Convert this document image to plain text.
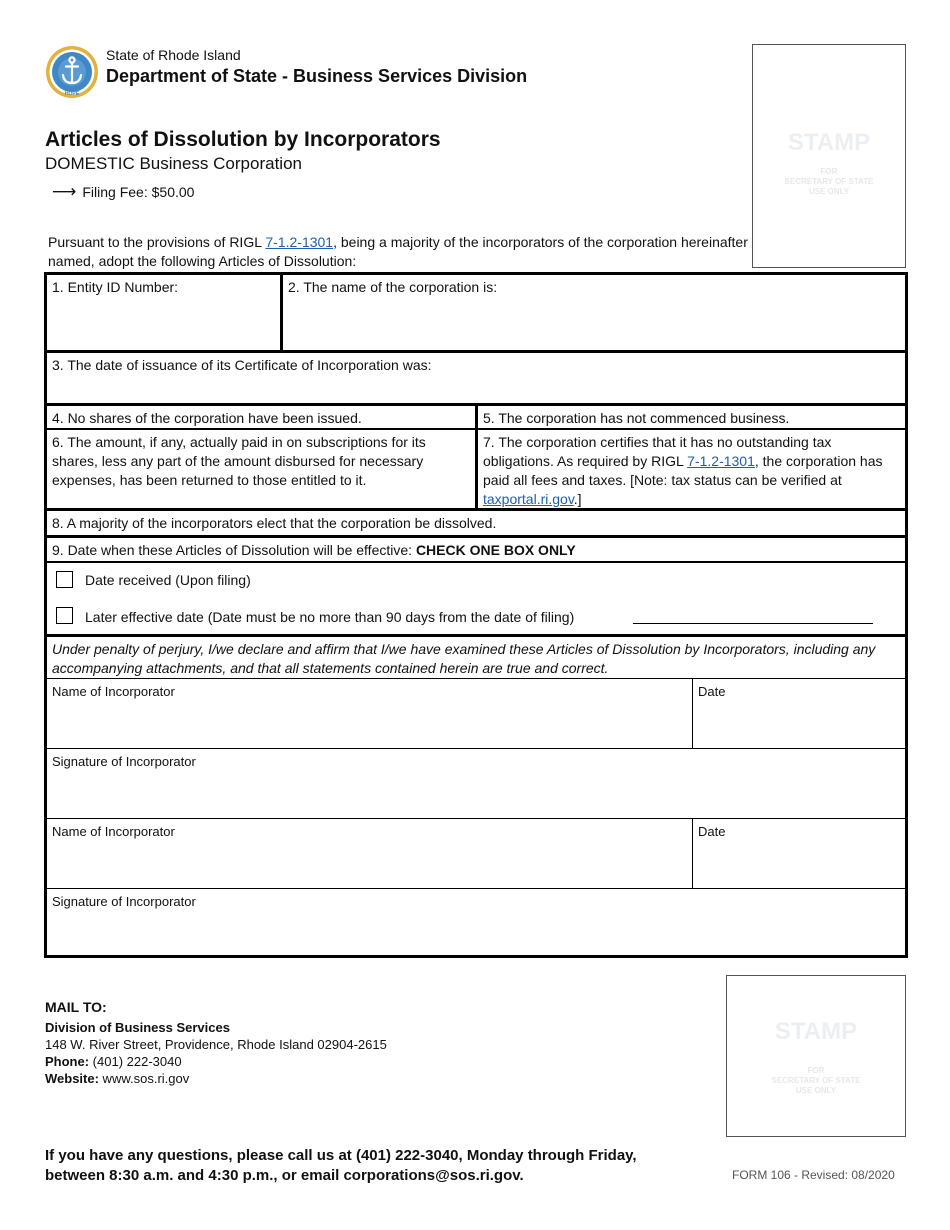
HOPE
State of Rhode Island
Department of State - Business Services Division
Articles of Dissolution by Incorporators
DOMESTIC Business Corporation
⟶ Filing Fee: $50.00
STAMP
FOR
SECRETARY OF STATE
USE ONLY
Pursuant to the provisions of RIGL 7-1.2-1301, being a majority of the incorporators of the corporation hereinafter named, adopt the following Articles of Dissolution:
1. Entity ID Number:	2. The name of the corporation is:
3. The date of issuance of its Certificate of Incorporation was:
4. No shares of the corporation have been issued.	5. The corporation has not commenced business.
6. The amount, if any, actually paid in on subscriptions for its shares, less any part of the amount disbursed for necessary expenses, has been returned to those entitled to it.
7. The corporation certifies that it has no outstanding tax obligations. As required by RIGL 7-1.2-1301, the corporation has paid all fees and taxes. [Note: tax status can be verified at taxportal.ri.gov.]
8. A majority of the incorporators elect that the corporation be dissolved.
9. Date when these Articles of Dissolution will be effective: CHECK ONE BOX ONLY
Date received (Upon filing)
Later effective date (Date must be no more than 90 days from the date of filing)
Under penalty of perjury, I/we declare and affirm that I/we have examined these Articles of Dissolution by Incorporators, including any accompanying attachments, and that all statements contained herein are true and correct.
Name of Incorporator	Date
Signature of Incorporator
Name of Incorporator	Date
Signature of Incorporator
MAIL TO:
Division of Business Services
148 W. River Street, Providence, Rhode Island 02904-2615
Phone: (401) 222-3040
Website: www.sos.ri.gov
STAMP
FOR
SECRETARY OF STATE
USE ONLY
If you have any questions, please call us at (401) 222-3040, Monday through Friday, between 8:30 a.m. and 4:30 p.m., or email corporations@sos.ri.gov.	FORM 106 - Revised: 08/2020
